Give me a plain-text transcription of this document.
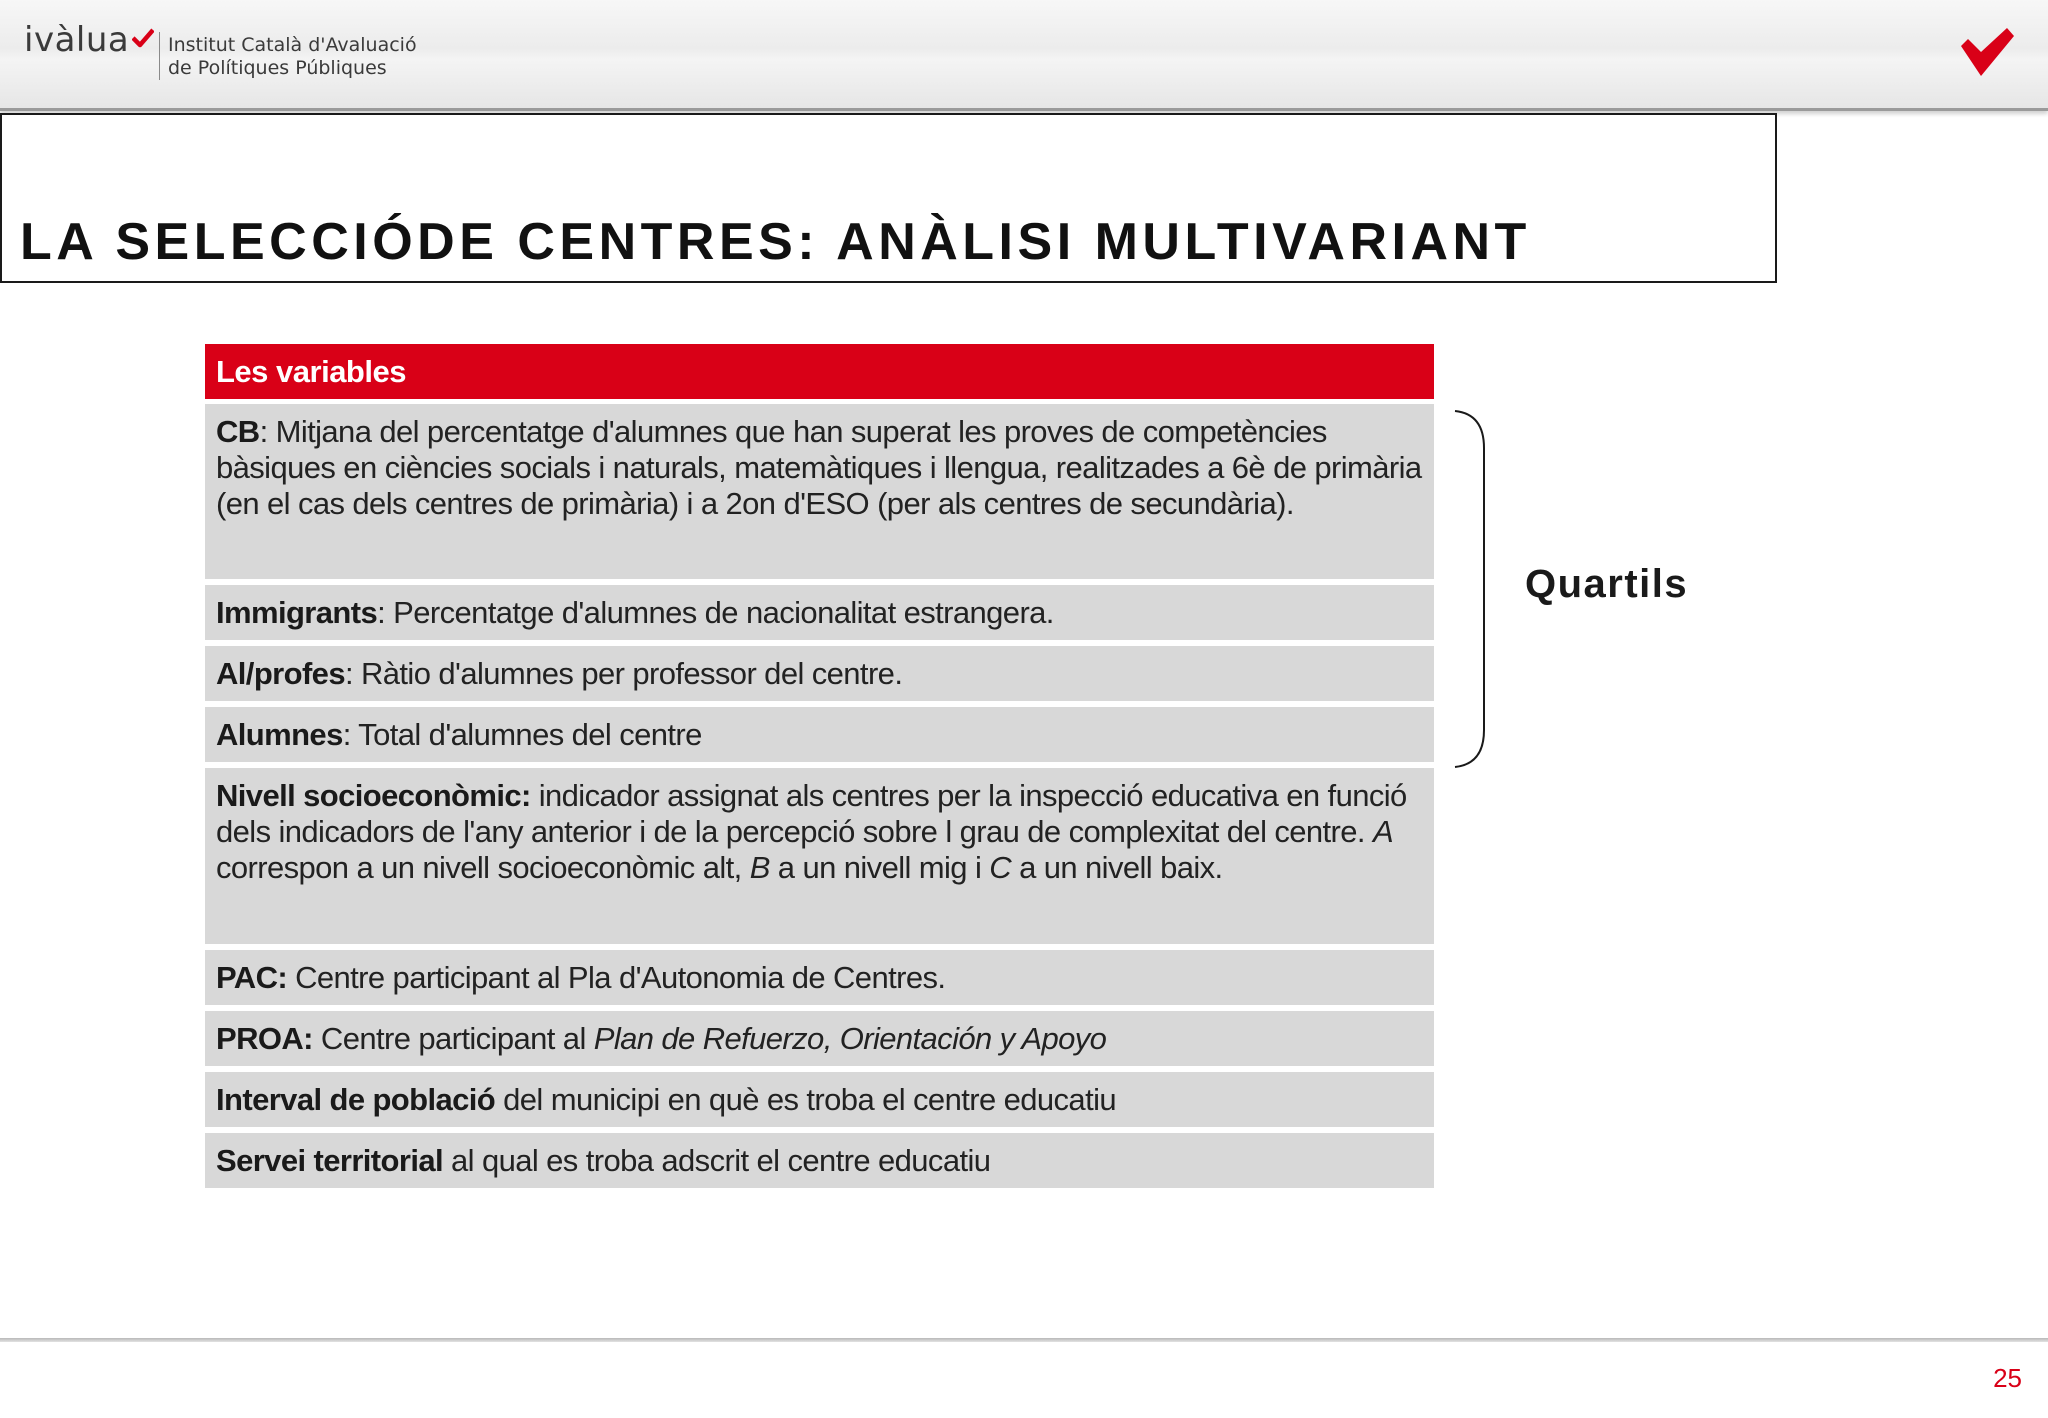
ivàlua Institut Català d'Avaluació
de Polítiques Públiques
LA SELECCIÓDE CENTRES: ANÀLISI MULTIVARIANT
Les variables
CB: Mitjana del percentatge d'alumnes que han superat les proves de competències bàsiques en ciències socials i naturals, matemàtiques i llengua, realitzades a 6è de primària (en el cas dels centres de primària) i a 2on d'ESO (per als centres de secundària).
Immigrants: Percentatge d'alumnes de nacionalitat estrangera.
Al/profes: Ràtio d'alumnes per professor del centre.
Alumnes: Total d'alumnes del centre
Nivell socioeconòmic: indicador assignat als centres per la inspecció educativa en funció dels indicadors de l'any anterior i de la percepció sobre l grau de complexitat del centre. A correspon a un nivell socioeconòmic alt, B a un nivell mig i C a un nivell baix.
PAC: Centre participant al Pla d'Autonomia de Centres.
PROA: Centre participant al Plan de Refuerzo, Orientación y Apoyo
Interval de població del municipi en què es troba el centre educatiu
Servei territorial al qual es troba adscrit el centre educatiu
Quartils
25
